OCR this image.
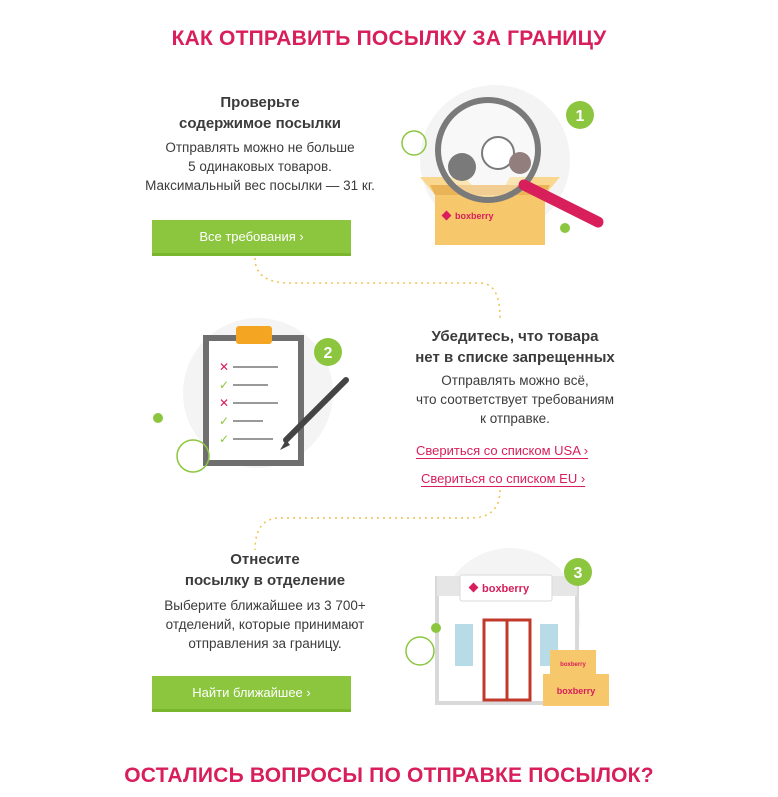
КАК ОТПРАВИТЬ ПОСЫЛКУ ЗА ГРАНИЦУ
Проверьте
содержимое посылки
Отправлять можно не больше
5 одинаковых товаров.
Максимальный вес посылки — 31 кг.
Все требования ›
boxberry
1
✕
✓
✕
✓
✓
2
Убедитесь, что товара
нет в списке запрещенных
Отправлять можно всё,
что соответствует требованиям
к отправке.
Свериться со списком USA ›
Свериться со списком EU ›
Отнесите
посылку в отделение
Выберите ближайшее из 3 700+
отделений, которые принимают
отправления за границу.
Найти ближайшее ›
boxberry
boxberry
boxberry
3
ОСТАЛИСЬ ВОПРОСЫ ПО ОТПРАВКЕ ПОСЫЛОК?
